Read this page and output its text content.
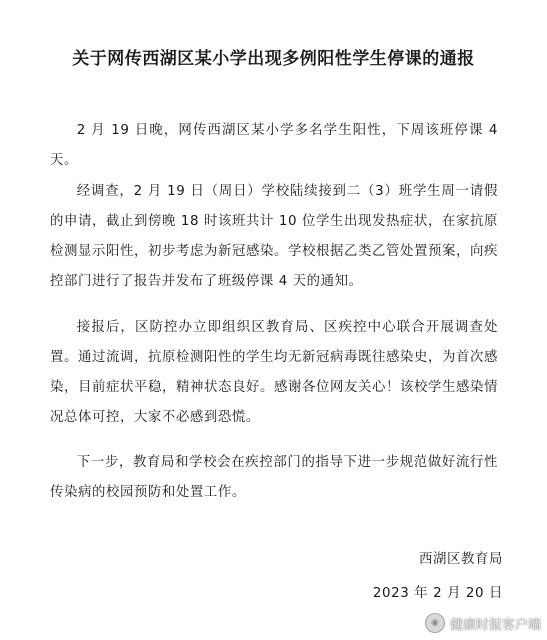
关于网传西湖区某小学出现多例阳性学生停课的通报
2 月 19 日晚，网传西湖区某小学多名学生阳性，下周该班停课 4 天。
经调查，2 月 19 日（周日）学校陆续接到二（3）班学生周一请假的申请，截止到傍晚 18 时该班共计 10 位学生出现发热症状，在家抗原检测显示阳性，初步考虑为新冠感染。学校根据乙类乙管处置预案，向疾控部门进行了报告并发布了班级停课 4 天的通知。
接报后，区防控办立即组织区教育局、区疾控中心联合开展调查处置。通过流调，抗原检测阳性的学生均无新冠病毒既往感染史，为首次感染，目前症状平稳，精神状态良好。感谢各位网友关心！该校学生感染情况总体可控，大家不必感到恐慌。
下一步，教育局和学校会在疾控部门的指导下进一步规范做好流行性传染病的校园预防和处置工作。
西湖区教育局
2023 年 2 月 20 日
◉ 健康时报客户端
